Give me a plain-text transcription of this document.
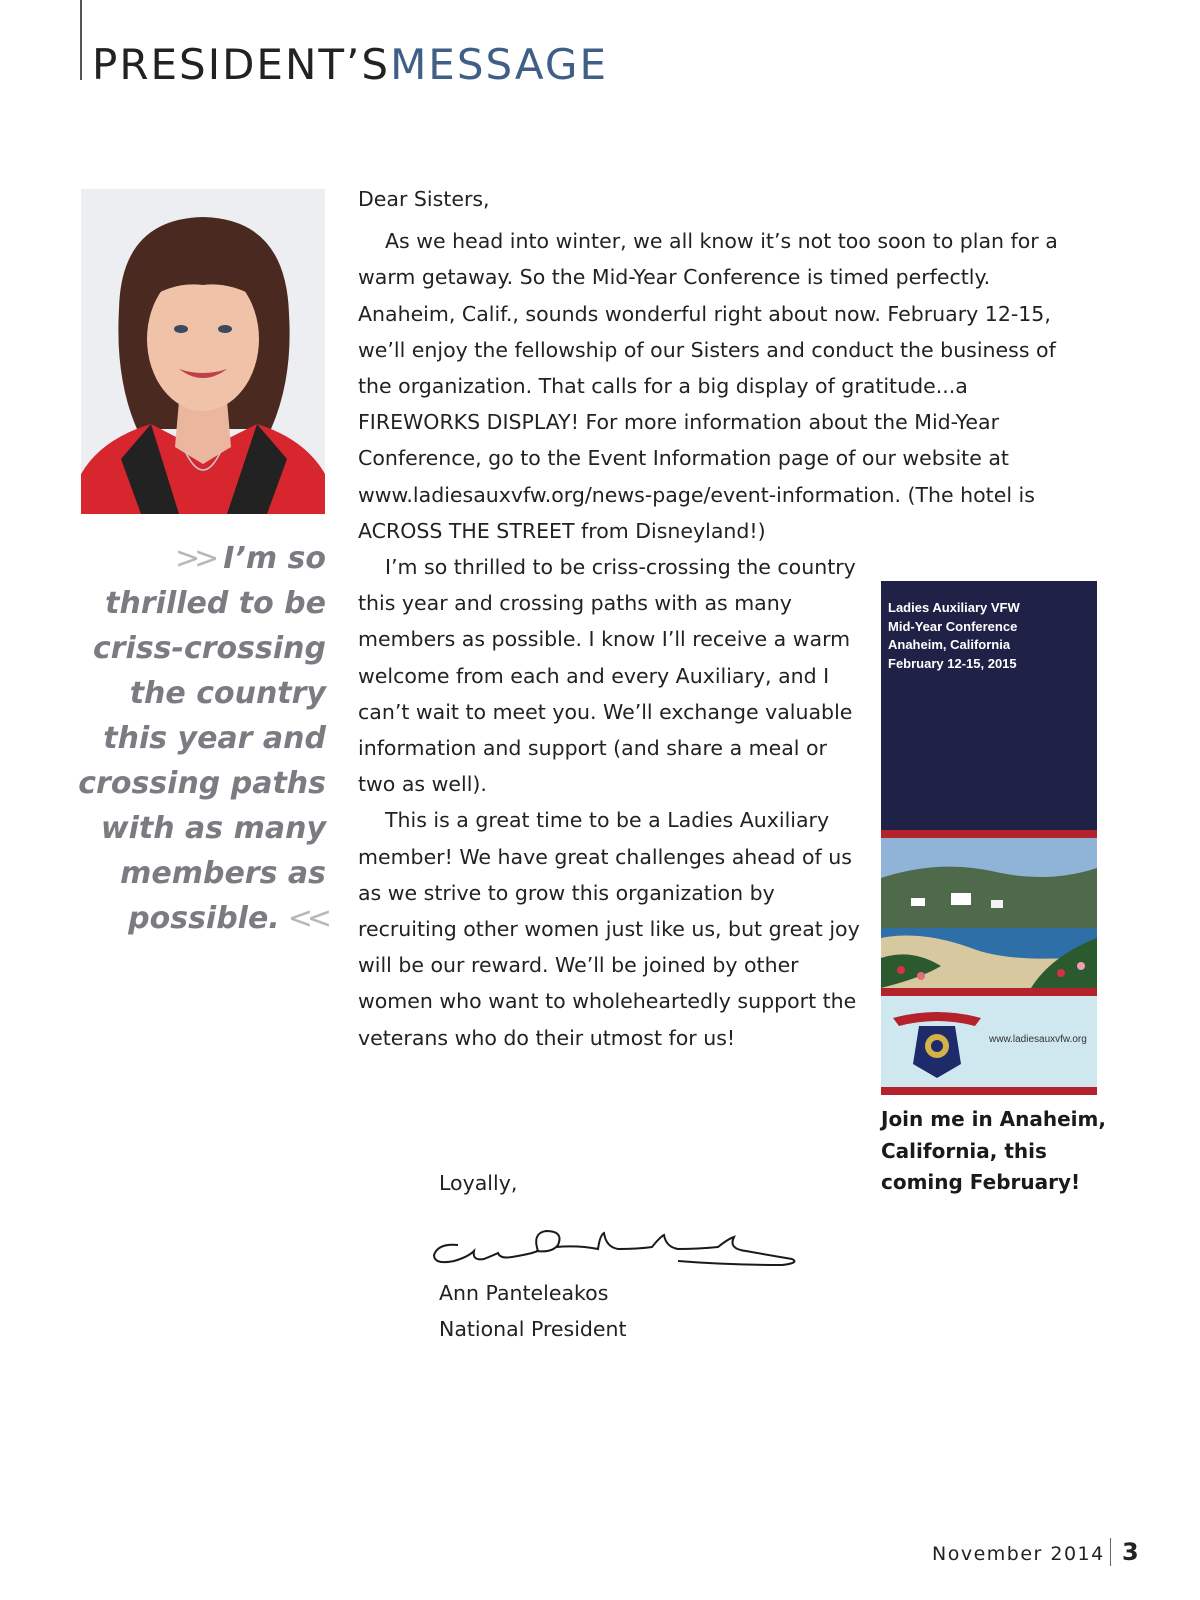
PRESIDENT’SMESSAGE
>> I’m so thrilled to be criss-crossing the country this year and crossing paths with as many members as possible. <<

Dear Sisters,

As we head into winter, we all know it’s not too soon to plan for a warm getaway. So the Mid-Year Conference is timed perfectly. Anaheim, Calif., sounds wonderful right about now. February 12-15, we’ll enjoy the fellowship of our Sisters and conduct the business of the organization. That calls for a big display of gratitude...a FIREWORKS DISPLAY! For more information about the Mid-Year Conference, go to the Event Information page of our website at www.ladiesauxvfw.org/news-page/event-information. (The hotel is ACROSS THE STREET from Disneyland!)

I’m so thrilled to be criss-crossing the country this year and crossing paths with as many members as possible. I know I’ll receive a warm welcome from each and every Auxiliary, and I can’t wait to meet you. We’ll exchange valuable information and support (and share a meal or two as well).

This is a great time to be a Ladies Auxiliary member! We have great challenges ahead of us as we strive to grow this organization by recruiting other women just like us, but great joy will be our reward. We’ll be joined by other women who want to wholeheartedly support the veterans who do their utmost for us!

Ladies Auxiliary VFW
Mid-Year Conference
Anaheim, California
February 12-15, 2015
www.ladiesauxvfw.org
Join me in Anaheim, California, this coming February!
Loyally,
Ann Panteleakos
National President
November 2014 3
